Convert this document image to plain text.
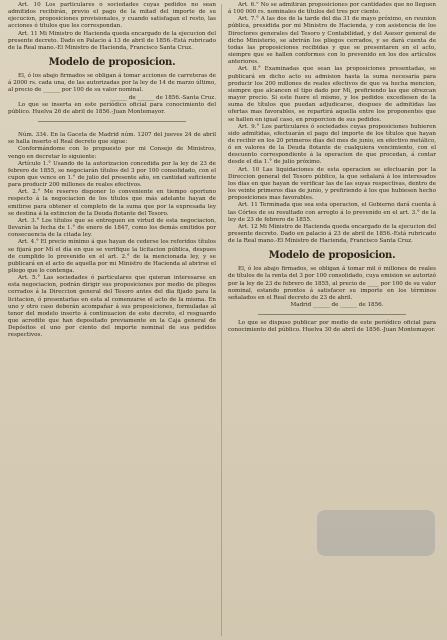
Art. 10 Los particulares ó sociedades cuyas pedidos no sean admitidos recibirán, previo el pago de la mitad del importe de su ejecucion, proposiciones provisionales, y cuando satisfagan el resto, las acciones ó títulos que les correspondan.

Art. 11 Mi Ministro de Hacienda queda encargado de la ejecucion del presente decreto. Dado en Palacio á 13 de abril de 1856.-Está rubricado de la Real mano.-El Ministro de Hacienda, Francisco Santa Cruz.

Modelo de proposicion.

El, ó los abajo firmados se obligan á tomar acciones de carreteras de á 2000 rs. cada una, de las autorizadas por la ley de 14 de marzo último, al precio de ______ por 100 de su valor nominal.

______ de ______ de 1856.-Santa Cruz.

Lo que se inserta en este periódico oficial para conocimiento del público. Huelva 26 de abril de 1856.-Juan Montemayor.

Núm. 334. En la Gaceta de Madrid núm. 1207 del jueves 24 de abril se halla inserto el Real decreto que sigue:

Conformándome con lo propuesto por mi Consejo de Ministros, vengo en decretar lo siguiente:

Artículo 1.° Usando de la autorizacion concedida por la ley de 23 de febrero de 1855, se negociarán títulos del 3 por 100 consolidado, con el cupon que vence en 1.° de julio del presente año, en cantidad suficiente para producir 200 millones de reales efectivos.

Art. 2.° Me reservo disponer lo conveniente en tiempo oportuno respecto á la negociacion de los títulos que más adelante hayan de emitirse para obtener el completo de la suma que por la expresada ley se destina á la extincion de la Deuda flotante del Tesoro.

Art. 3.° Los títulos que se entreguen en virtud de esta negociacion, llevarán la fecha de 1.° de enero de 1847, como los demás emitidos por consecuencia de la citada ley.

Art. 4.° El precio mínimo á que hayan de cederse los referidos títulos se fijará por Mí el día en que se verifique la licitacion pública, despues de cumplido lo prevenido en el art. 2.° de la mencionada ley, y se publicará en el acto de aquella por mi Ministro de Hacienda al abrirse el pliego que lo contenga.

Art. 5.° Las sociedades ó particulares que quieran interesarse en esta negociacion, podrán dirigir sus proposiciones por medio de pliegos cerrados á la Direccion general del Tesoro antes del dia fijado para la licitacion, ó presentarlas en esta al comenzarse el acto de la misma. En uno y otro caso deberán acompañar á sus proposiciones, formuladas al tenor del modelo inserto á continuacion de este decreto, el resguardo que acredite que han depositado previamente en la Caja general de Depósitos el uno por ciento del importe nominal de sus pedidos respectivos.

Art. 6.° No se admitirán proposiciones por cantidades que no lleguen á 100 000 rs. nominales de títulos del tres por ciento.

Art. 7.° A las dos de la tarde del dia 31 de mayo próximo, en reunion pública, presidida por mi Ministro de Hacienda, y con asistencia de los Directores generales del Tesoro y Contabilidad, y del Asesor general de dicho Ministerio, se abrirán los pliegos cerrados, y se dará cuenta de todas las proposiciones recibidas y que se presentaren en el acto, siempre que se hallen conformes con lo prevenido en los dos artículos anteriores.

Art. 8.° Examinadas que sean las proposiciones presentadas, se publicará en dicho acto su admision hasta la suma necesaria para producir los 200 millones de reales efectivos de que va hecha mencion, siempre que alcancen el tipo dado por Mí, prefiriendo las que ofrezcan mayor precio. Si este fuere el mismo, y los pedidos excediesen de la suma de títulos que puedan adjudicarse, despues de admitidas las ofertas mas favorables, se repartirá aquella entre los proponentes que se hallen en igual caso, en proporcion de sus pedidos.

Art. 9.° Los particulares ó sociedades cuyas proposiciones hubieren sido admitidas, efectuarán el pago del importe de los títulos que hayan de recibir en los 20 primeros dias del mes de junio, en efectivo metálico, ó en valores de la Deuda flotante de cualquiera vencimiento, con el descuento correspondiente á la operacion de que procedan, á contar desde el dia 1.° de julio próximo.

Art. 10 Las liquidaciones de esta operacion se efectuarán por la Direccion general del Tesoro público, la que señalará á los interesados los dias en que hayan de verificar las de las suyas respectivas, dentro de los veinte primeros dias de junio, y prefiriendo á los que hubiesen hecho proposiciones mas favorables.

Art. 11 Terminada que sea esta operacion, el Gobierno dará cuenta á las Córtes de su resultado con arreglo á lo prevenido en el art. 3.° de la ley de 23 de febrero de 1855.

Art. 12 Mi Ministro de Hacienda queda encargado de la ejecucion del presente decreto. Dado en palacio á 23 de abril de 1856.-Está rubricado de la Real mano.-El Ministro de Hacienda, Francisco Santa Cruz.

Modelo de proposicion.

El, ó los abajo firmados, se obligan á tomar mil ó millones de reales de títulos de la renta del 3 por 100 consolidado, cuya emision se autorizó por la ley de 23 de febrero de 1855, al precio de ____ por 100 de su valor nominal, estando prontos á satisfacer su importe en los términos señalados en el Real decreto de 23 de abril.

Madrid ______ de ______ de 1856.

Lo que se dispuso publicar por medio de este periódico oficial para conocimiento del público. Huelva 30 de abril de 1856.-Juan Montemayor.
